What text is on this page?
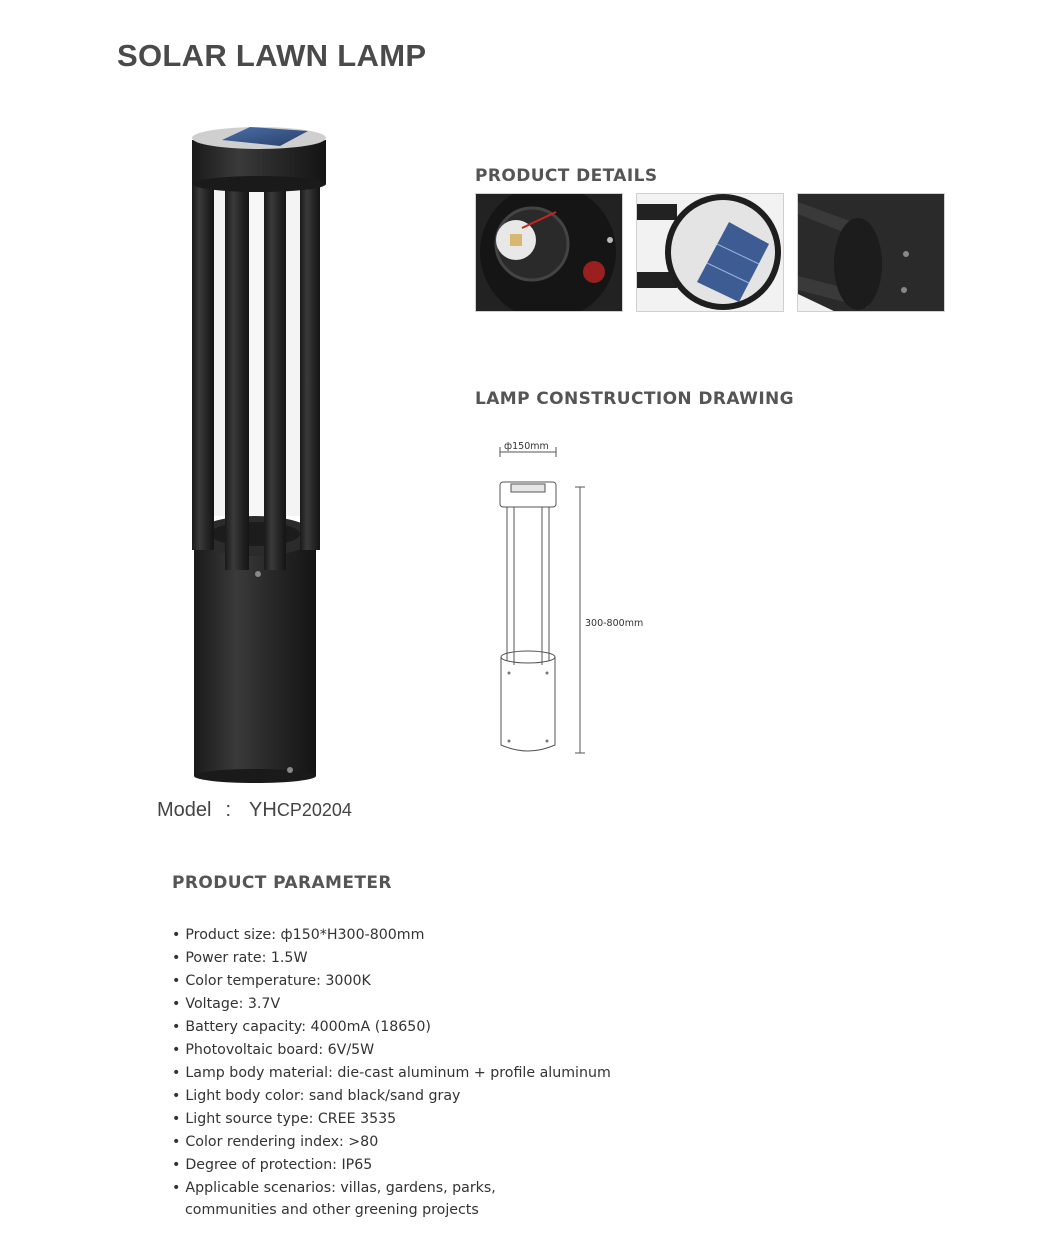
SOLAR LAWN LAMP
Model : YHCP20204
PRODUCT DETAILS
LAMP CONSTRUCTION DRAWING
ф150mm
300-800mm
PRODUCT PARAMETER
• Product size: ф150*H300-800mm
• Power rate: 1.5W
• Color temperature: 3000K
• Voltage: 3.7V
• Battery capacity: 4000mA (18650)
• Photovoltaic board: 6V/5W
• Lamp body material: die-cast aluminum + profile aluminum
• Light body color: sand black/sand gray
• Light source type: CREE 3535
• Color rendering index: >80
• Degree of protection: IP65
• Applicable scenarios: villas, gardens, parks,
communities and other greening projects
